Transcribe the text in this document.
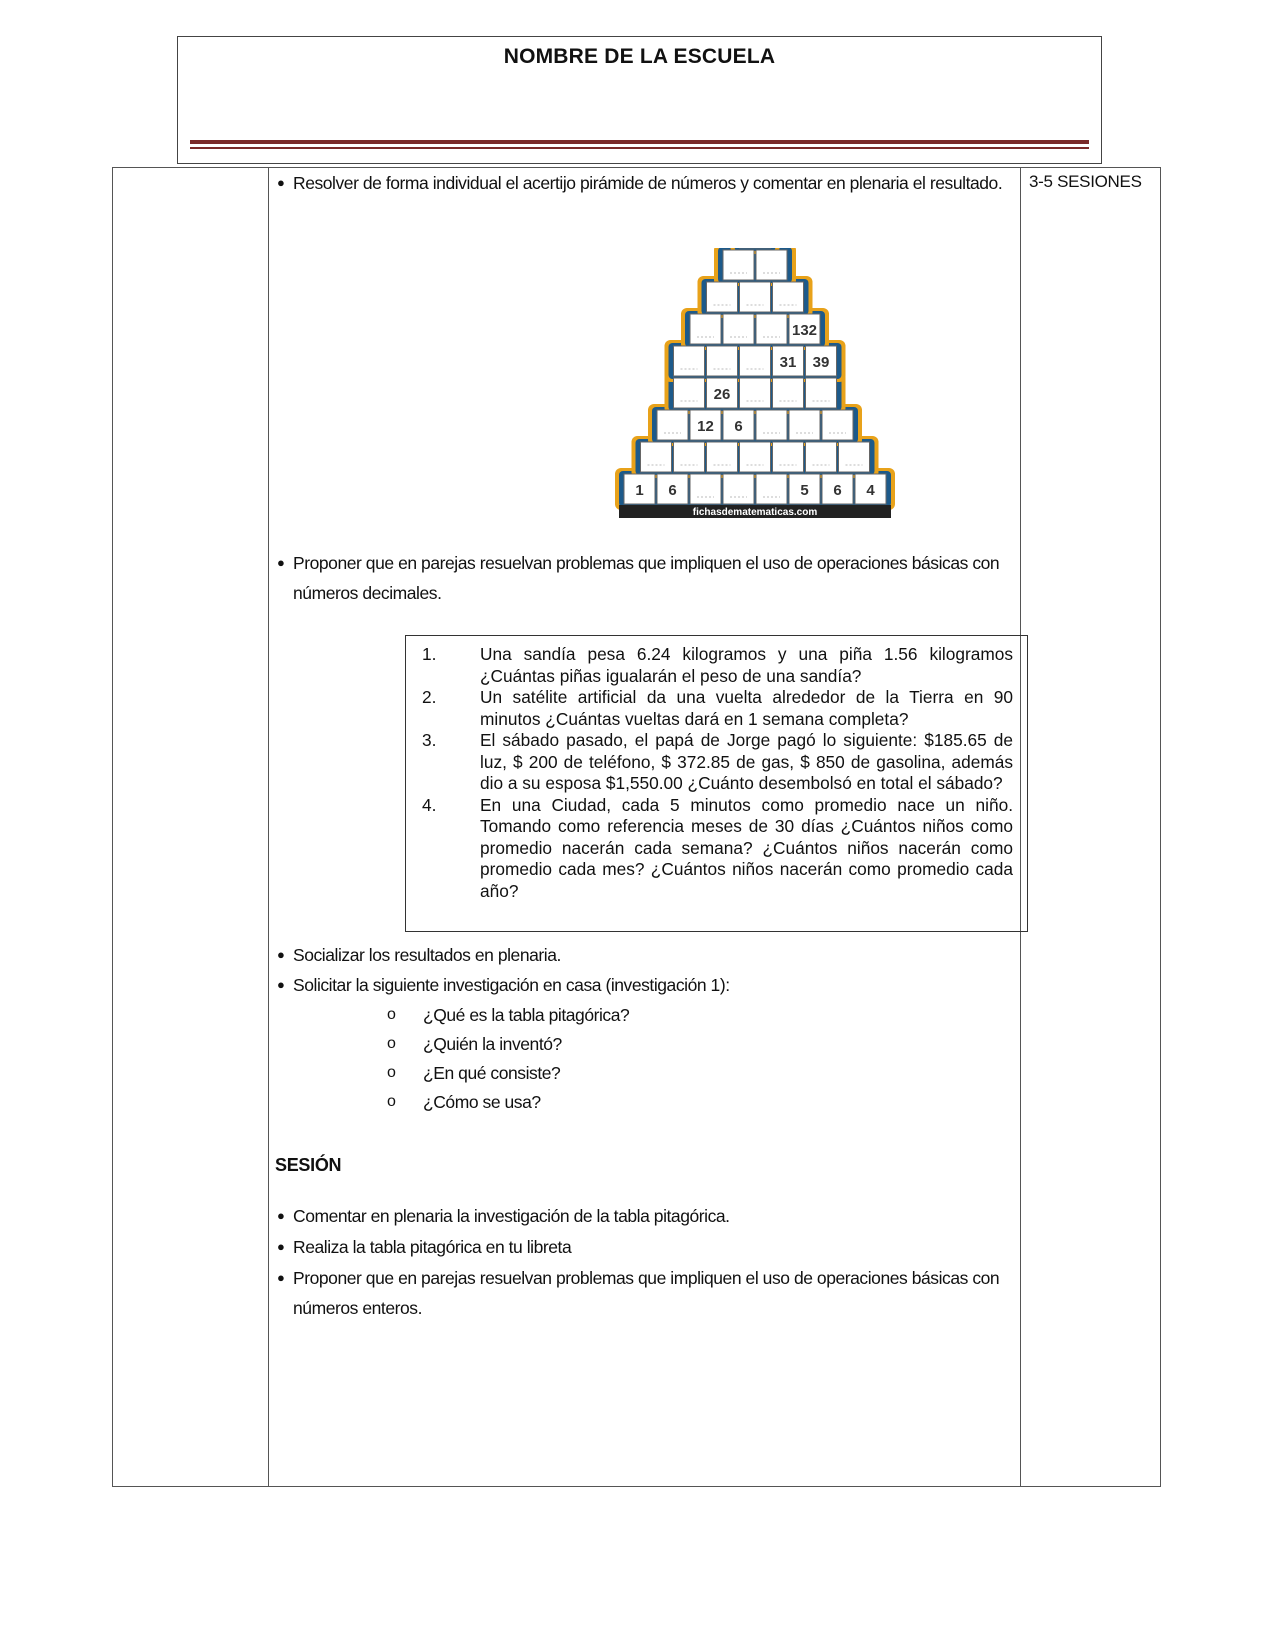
NOMBRE DE LA ESCUELA
3-5 SESIONES
● Resolver de forma individual el acertijo pirámide de números y comentar en plenaria el resultado.
fichasdematematicas.com
1 6	5 6 4
12 6
26
31 39
132
● Proponer que en parejas resuelvan problemas que impliquen el uso de operaciones básicas con
números decimales.
1.	Una sandía pesa 6.24 kilogramos y una piña 1.56 kilogramos ¿Cuántas piñas igualarán el peso de una sandía?
2.	Un satélite artificial da una vuelta alrededor de la Tierra en 90 minutos ¿Cuántas vueltas dará en 1 semana completa?
3.	El sábado pasado, el papá de Jorge pagó lo siguiente: $185.65 de luz, $ 200 de teléfono, $ 372.85 de gas, $ 850 de gasolina, además dio a su esposa $1,550.00 ¿Cuánto desembolsó en total el sábado?
4.	En una Ciudad, cada 5 minutos como promedio nace un niño. Tomando como referencia meses de 30 días ¿Cuántos niños como promedio nacerán cada semana? ¿Cuántos niños nacerán como promedio cada mes? ¿Cuántos niños nacerán como promedio cada año?
● Socializar los resultados en plenaria.
● Solicitar la siguiente investigación en casa (investigación 1):
o	¿Qué es la tabla pitagórica?
o	¿Quién la inventó?
o	¿En qué consiste?
o	¿Cómo se usa?
SESIÓN
● Comentar en plenaria la investigación de la tabla pitagórica.
● Realiza la tabla pitagórica en tu libreta
● Proponer que en parejas resuelvan problemas que impliquen el uso de operaciones básicas con
números enteros.
